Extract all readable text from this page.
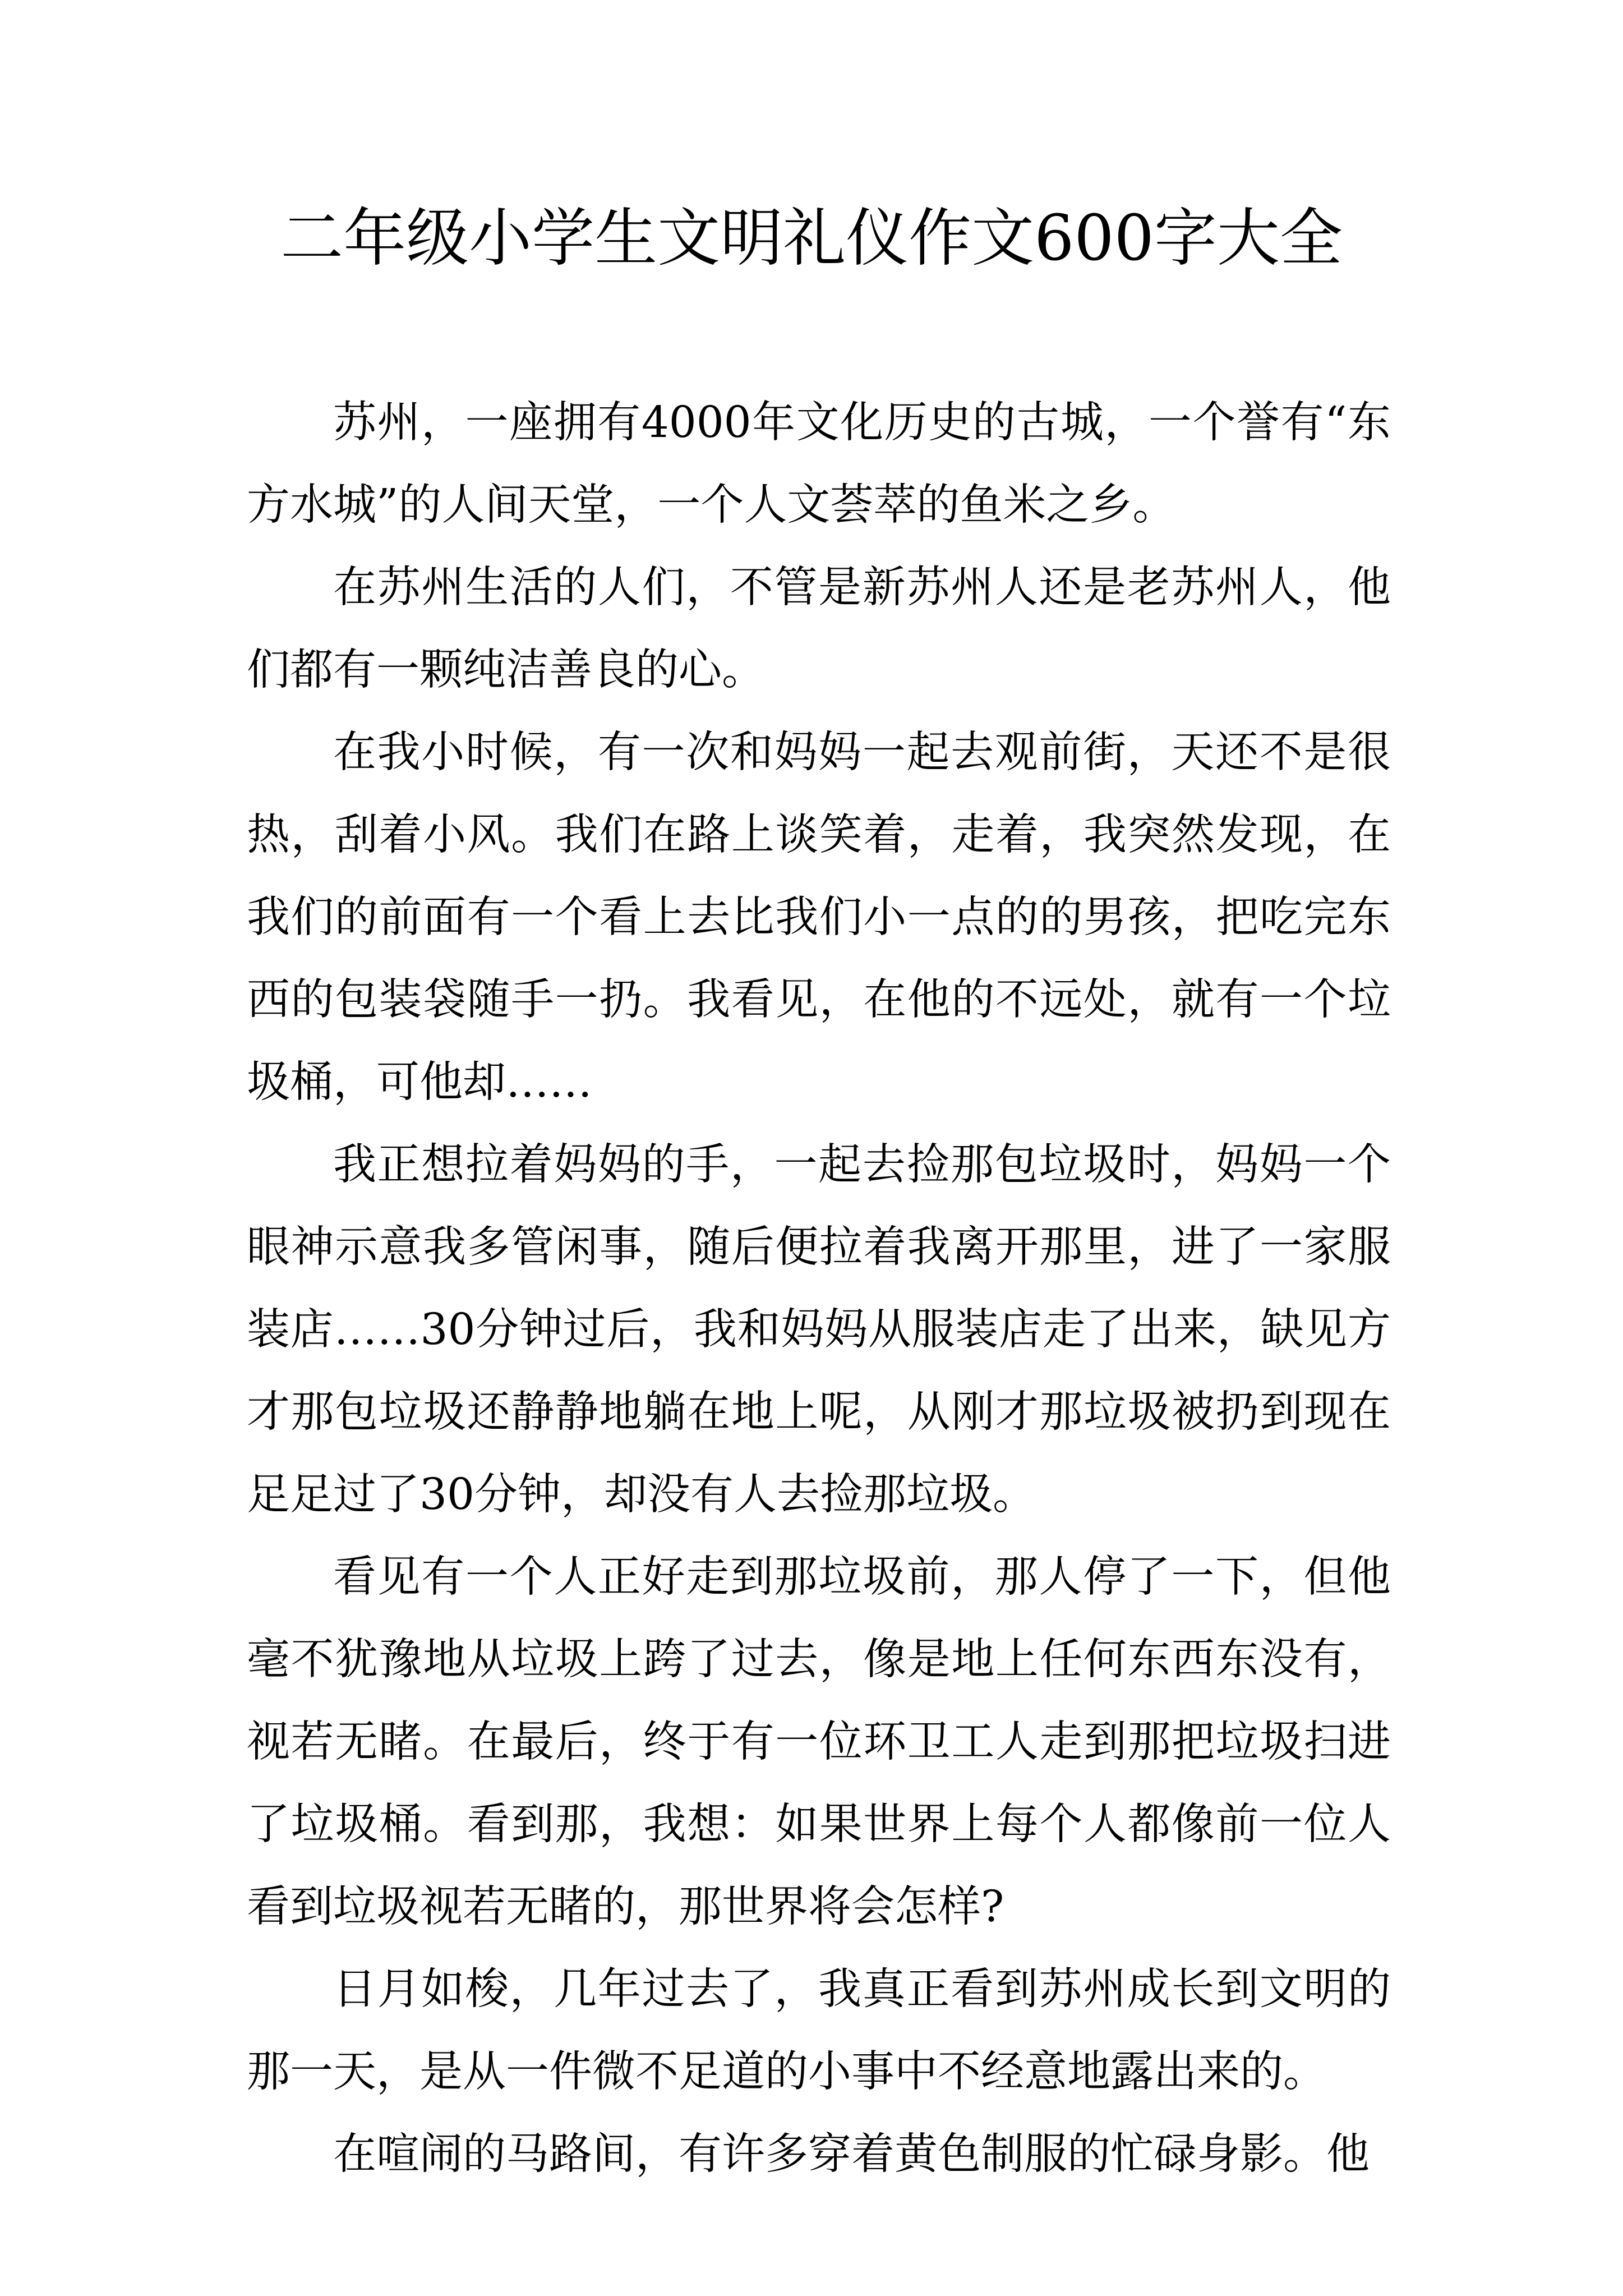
二年级小学生文明礼仪作文600字大全

苏州，一座拥有4000年文化历史的古城，一个誉有“东方水城”的人间天堂，一个人文荟萃的鱼米之乡。

在苏州生活的人们，不管是新苏州人还是老苏州人，他们都有一颗纯洁善良的心。

在我小时候，有一次和妈妈一起去观前街，天还不是很热，刮着小风。我们在路上谈笑着，走着，我突然发现，在我们的前面有一个看上去比我们小一点的的男孩，把吃完东西的包装袋随手一扔。我看见，在他的不远处，就有一个垃圾桶，可他却……

我正想拉着妈妈的手，一起去捡那包垃圾时，妈妈一个眼神示意我多管闲事，随后便拉着我离开那里，进了一家服装店……30分钟过后，我和妈妈从服装店走了出来，缺见方才那包垃圾还静静地躺在地上呢，从刚才那垃圾被扔到现在足足过了30分钟，却没有人去捡那垃圾。

看见有一个人正好走到那垃圾前，那人停了一下，但他毫不犹豫地从垃圾上跨了过去，像是地上任何东西东没有，视若无睹。在最后，终于有一位环卫工人走到那把垃圾扫进了垃圾桶。看到那，我想：如果世界上每个人都像前一位人看到垃圾视若无睹的，那世界将会怎样?

日月如梭，几年过去了，我真正看到苏州成长到文明的那一天，是从一件微不足道的小事中不经意地露出来的。

在喧闹的马路间，有许多穿着黄色制服的忙碌身影。他
